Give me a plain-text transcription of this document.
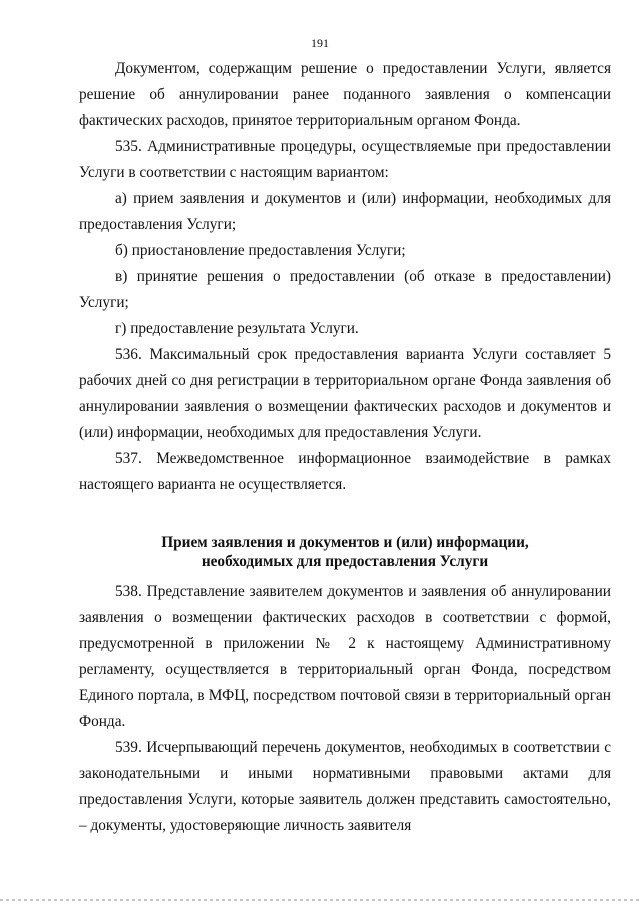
191

Документом, содержащим решение о предоставлении Услуги, является решение об аннулировании ранее поданного заявления о компенсации фактических расходов, принятое территориальным органом Фонда.

535. Административные процедуры, осуществляемые при предоставлении Услуги в соответствии с настоящим вариантом:

а) прием заявления и документов и (или) информации, необходимых для предоставления Услуги;

б) приостановление предоставления Услуги;

в) принятие решения о предоставлении (об отказе в предоставлении) Услуги;

г) предоставление результата Услуги.

536. Максимальный срок предоставления варианта Услуги составляет 5 рабочих дней со дня регистрации в территориальном органе Фонда заявления об аннулировании заявления о возмещении фактических расходов и документов и (или) информации, необходимых для предоставления Услуги.

537. Межведомственное информационное взаимодействие в рамках настоящего варианта не осуществляется.

Прием заявления и документов и (или) информации,
необходимых для предоставления Услуги

538. Представление заявителем документов и заявления об аннулировании заявления о возмещении фактических расходов в соответствии с формой, предусмотренной в приложении № 2 к настоящему Административному регламенту, осуществляется в территориальный орган Фонда, посредством Единого портала, в МФЦ, посредством почтовой связи в территориальный орган Фонда.

539. Исчерпывающий перечень документов, необходимых в соответствии с законодательными и иными нормативными правовыми актами для предоставления Услуги, которые заявитель должен представить самостоятельно, – документы, удостоверяющие личность заявителя
